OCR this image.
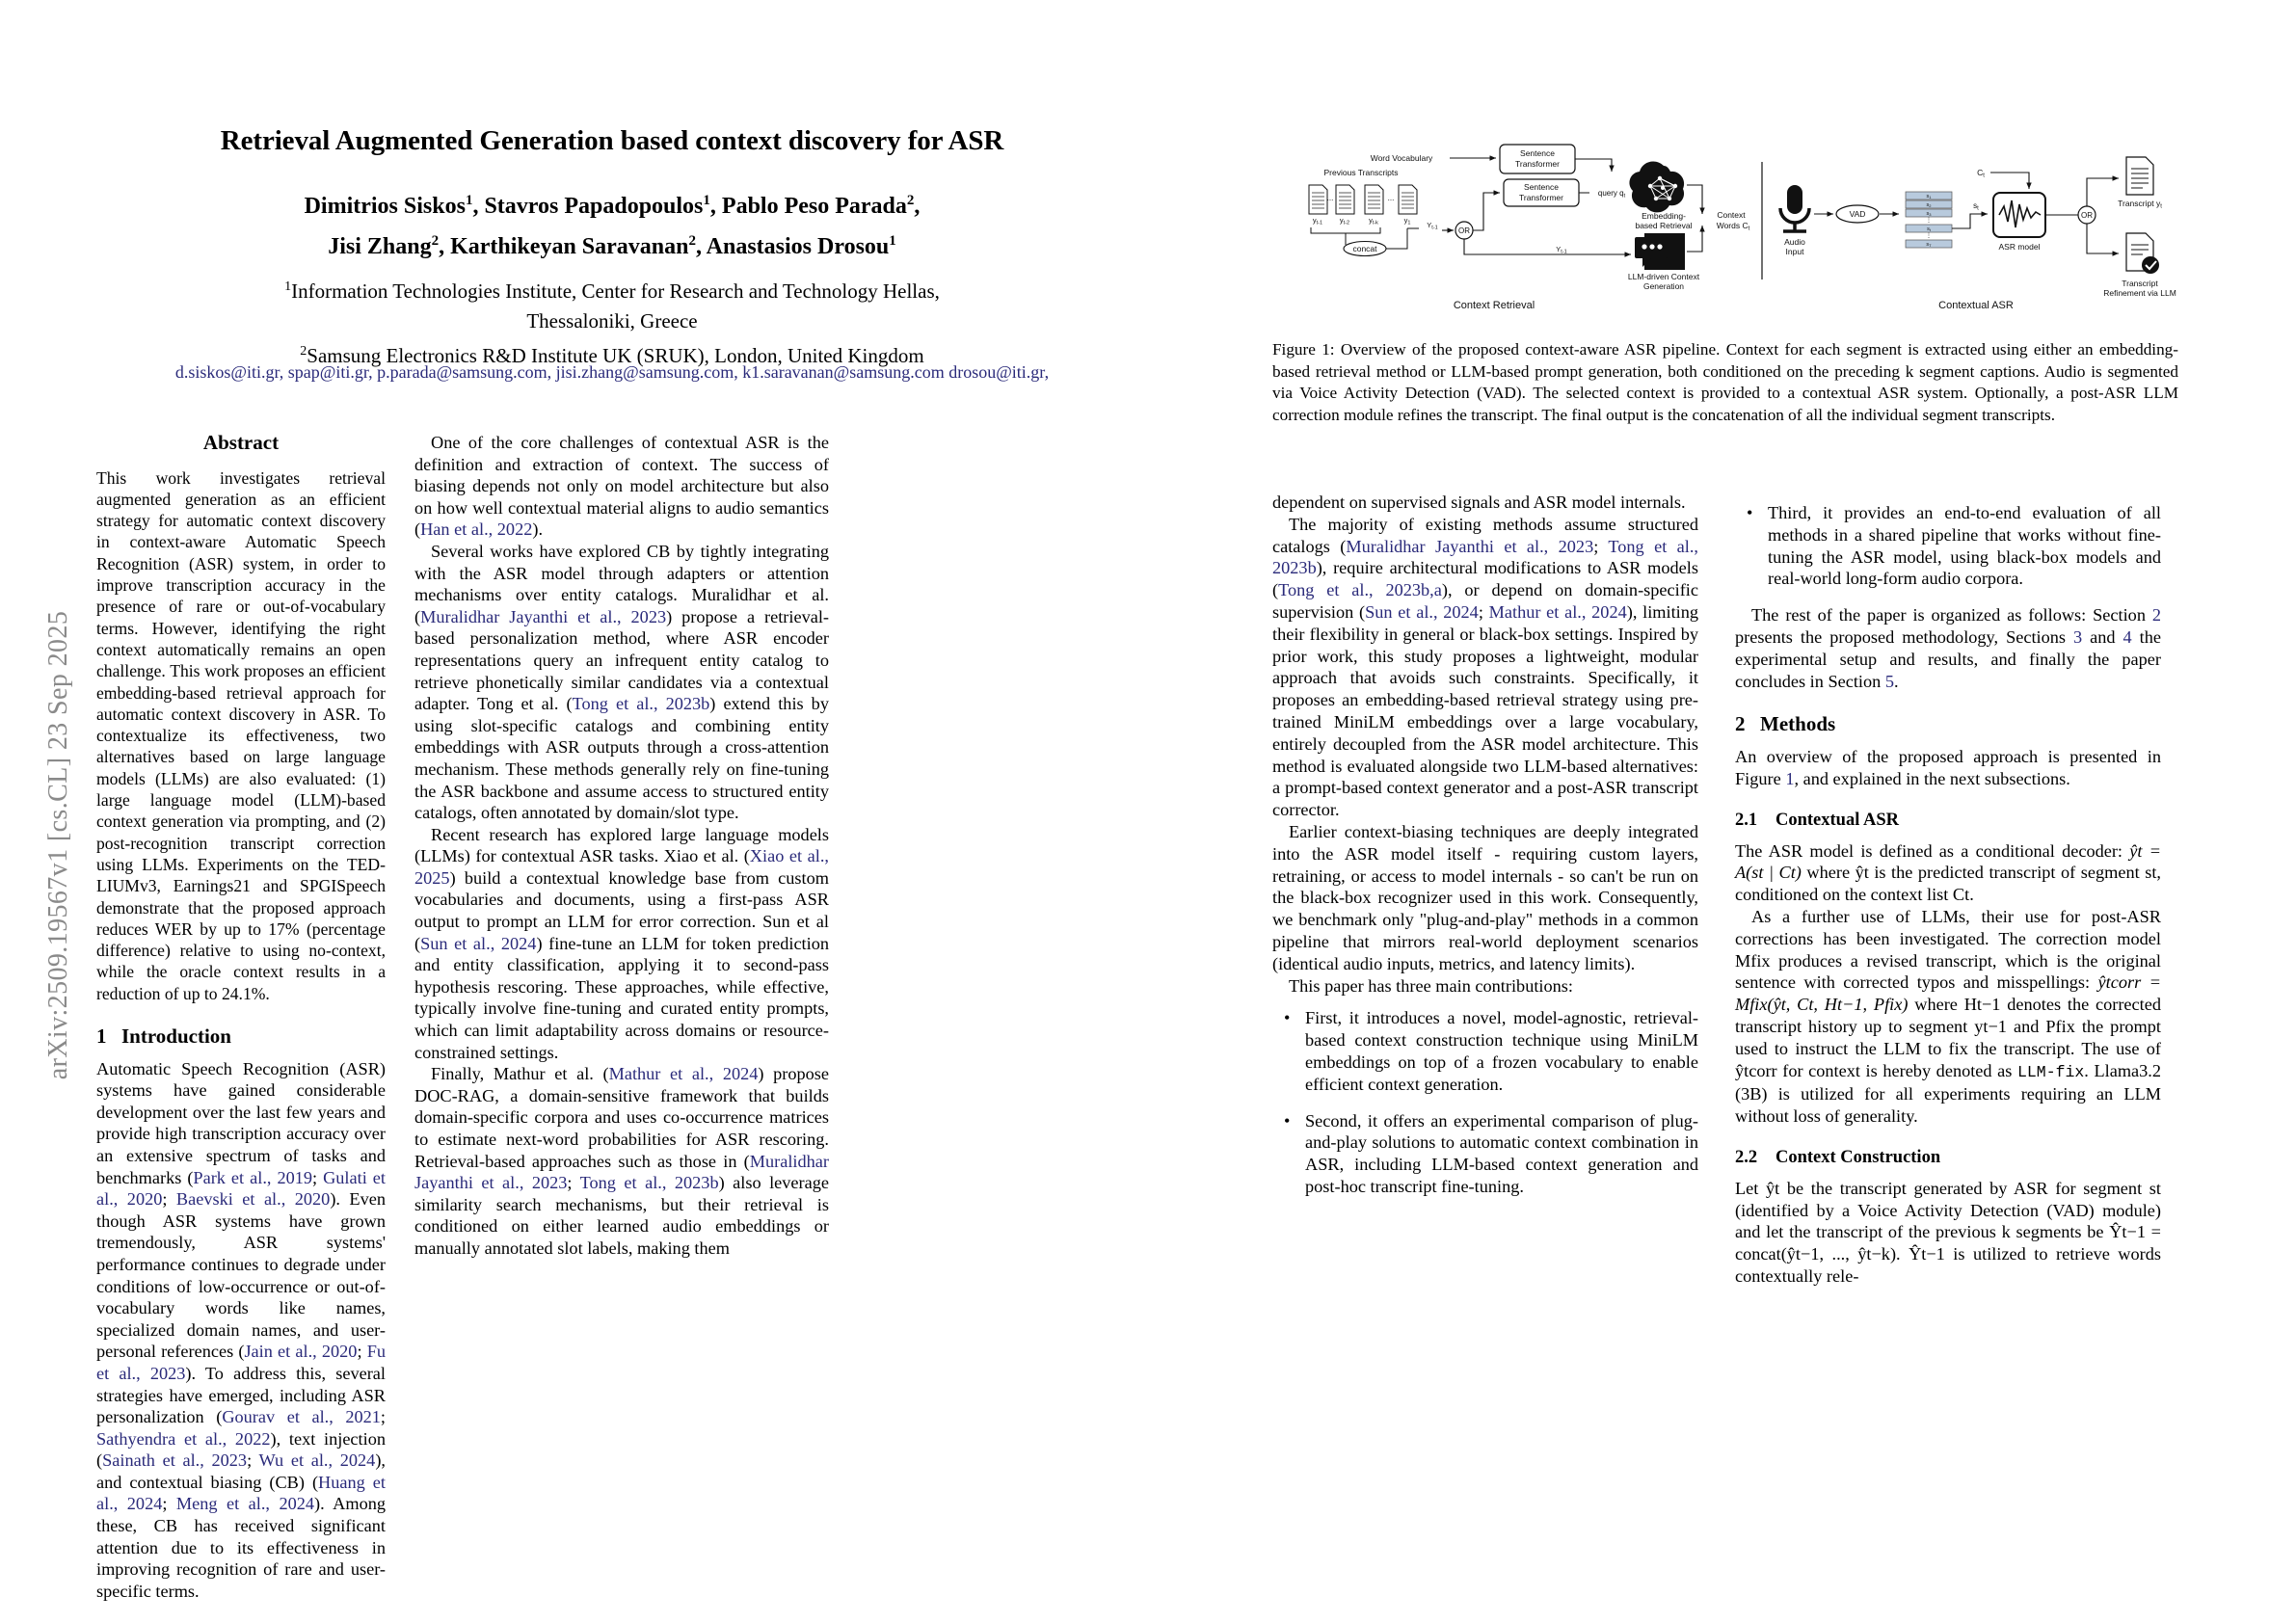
arXiv:2509.19567v1 [cs.CL] 23 Sep 2025
Retrieval Augmented Generation based context discovery for ASR
Dimitrios Siskos$^1$, Stavros Papadopoulos$^1$, Pablo Peso Parada$^2$,
Jisi Zhang$^2$, Karthikeyan Saravanan$^2$, Anastasios Drosou$^1$
$^1$Information Technologies Institute, Center for Research and Technology Hellas,
Thessaloniki, Greece
$^2$Samsung Electronics R&D Institute UK (SRUK), London, United Kingdom
d.siskos@iti.gr, spap@iti.gr, p.parada@samsung.com, jisi.zhang@samsung.com, k1.saravanan@samsung.com drosou@iti.gr,
Abstract

This work investigates retrieval augmented generation as an efficient strategy for automatic context discovery in context-aware Automatic Speech Recognition (ASR) system, in order to improve transcription accuracy in the presence of rare or out-of-vocabulary terms. However, identifying the right context automatically remains an open challenge. This work proposes an efficient embedding-based retrieval approach for automatic context discovery in ASR. To contextualize its effectiveness, two alternatives based on large language models (LLMs) are also evaluated: (1) large language model (LLM)-based context generation via prompting, and (2) post-recognition transcript correction using LLMs. Experiments on the TED-LIUMv3, Earnings21 and SPGISpeech demonstrate that the proposed approach reduces WER by up to 17% (percentage difference) relative to using no-context, while the oracle context results in a reduction of up to 24.1%.

1 Introduction

Automatic Speech Recognition (ASR) systems have gained considerable development over the last few years and provide high transcription accuracy over an extensive spectrum of tasks and benchmarks (Park et al., 2019; Gulati et al., 2020; Baevski et al., 2020). Even though ASR systems have grown tremendously, ASR systems' performance continues to degrade under conditions of low-occurrence or out-of-vocabulary words like names, specialized domain names, and user-personal references (Jain et al., 2020; Fu et al., 2023). To address this, several strategies have emerged, including ASR personalization (Gourav et al., 2021; Sathyendra et al., 2022), text injection (Sainath et al., 2023; Wu et al., 2024), and contextual biasing (CB) (Huang et al., 2024; Meng et al., 2024). Among these, CB has received significant attention due to its effectiveness in improving recognition of rare and user-specific terms.

One of the core challenges of contextual ASR is the definition and extraction of context. The success of biasing depends not only on model architecture but also on how well contextual material aligns to audio semantics (Han et al., 2022).

Several works have explored CB by tightly integrating with the ASR model through adapters or attention mechanisms over entity catalogs. Muralidhar et al. (Muralidhar Jayanthi et al., 2023) propose a retrieval-based personalization method, where ASR encoder representations query an infrequent entity catalog to retrieve phonetically similar candidates via a contextual adapter. Tong et al. (Tong et al., 2023b) extend this by using slot-specific catalogs and combining entity embeddings with ASR outputs through a cross-attention mechanism. These methods generally rely on fine-tuning the ASR backbone and assume access to structured entity catalogs, often annotated by domain/slot type.

Recent research has explored large language models (LLMs) for contextual ASR tasks. Xiao et al. (Xiao et al., 2025) build a contextual knowledge base from custom vocabularies and documents, using a first-pass ASR output to prompt an LLM for error correction. Sun et al (Sun et al., 2024) fine-tune an LLM for token prediction and entity classification, applying it to second-pass hypothesis rescoring. These approaches, while effective, typically involve fine-tuning and curated entity prompts, which can limit adaptability across domains or resource-constrained settings.

Finally, Mathur et al. (Mathur et al., 2024) propose DOC-RAG, a domain-sensitive framework that builds domain-specific corpora and uses co-occurrence matrices to estimate next-word probabilities for ASR rescoring. Retrieval-based approaches such as those in (Muralidhar Jayanthi et al., 2023; Tong et al., 2023b) also leverage similarity search mechanisms, but their retrieval is conditioned on either learned audio embeddings or manually annotated slot labels, making them

Word Vocabulary	Sentence
Transformer
Previous Transcripts
...	...
$y_{t-1}$ $y_{t-2}$	$y_{t-k}$	$y_1$
concat
$Y_{t-1}$	OR
Sentence
Transformer	query qt
Embedding-
based Retrieval
LLM-driven Context
Generation
$Y_{t-1}$
Context
Words Ct
Context Retrieval
Audio
Input
VAD
s1
s2
s3
st
sT
⋮
⋮
st
Ct
ASR model
OR
Transcript yt
Transcript
Refinement via LLM
Contextual ASR
Figure 1: Overview of the proposed context-aware ASR pipeline. Context for each segment is extracted using either an embedding-based retrieval method or LLM-based prompt generation, both conditioned on the preceding k segment captions. Audio is segmented via Voice Activity Detection (VAD). The selected context is provided to a contextual ASR system. Optionally, a post-ASR LLM correction module refines the transcript. The final output is the concatenation of all the individual segment transcripts.

dependent on supervised signals and ASR model internals.

The majority of existing methods assume structured catalogs (Muralidhar Jayanthi et al., 2023; Tong et al., 2023b), require architectural modifications to ASR models (Tong et al., 2023b,a), or depend on domain-specific supervision (Sun et al., 2024; Mathur et al., 2024), limiting their flexibility in general or black-box settings. Inspired by prior work, this study proposes a lightweight, modular approach that avoids such constraints. Specifically, it proposes an embedding-based retrieval strategy using pre-trained MiniLM embeddings over a large vocabulary, entirely decoupled from the ASR model architecture. This method is evaluated alongside two LLM-based alternatives: a prompt-based context generator and a post-ASR transcript corrector.

Earlier context-biasing techniques are deeply integrated into the ASR model itself - requiring custom layers, retraining, or access to model internals - so can't be run on the black-box recognizer used in this work. Consequently, we benchmark only "plug-and-play" methods in a common pipeline that mirrors real-world deployment scenarios (identical audio inputs, metrics, and latency limits).

This paper has three main contributions:

• First, it introduces a novel, model-agnostic, retrieval-based context construction technique using MiniLM embeddings on top of a frozen vocabulary to enable efficient context generation.
• Second, it offers an experimental comparison of plug-and-play solutions to automatic context combination in ASR, including LLM-based context generation and post-hoc transcript fine-tuning.
• Third, it provides an end-to-end evaluation of all methods in a shared pipeline that works without fine-tuning the ASR model, using black-box models and real-world long-form audio corpora.

The rest of the paper is organized as follows: Section 2 presents the proposed methodology, Sections 3 and 4 the experimental setup and results, and finally the paper concludes in Section 5.

2 Methods

An overview of the proposed approach is presented in Figure 1, and explained in the next subsections.

2.1 Contextual ASR

The ASR model is defined as a conditional decoder: ŷt = A(st | Ct) where ŷt is the predicted transcript of segment st, conditioned on the context list Ct.

As a further use of LLMs, their use for post-ASR corrections has been investigated. The correction model Mfix produces a revised transcript, which is the original sentence with corrected typos and misspellings: ŷtcorr = Mfix(ŷt, Ct, Ht−1, Pfix) where Ht−1 denotes the corrected transcript history up to segment yt−1 and Pfix the prompt used to instruct the LLM to fix the transcript. The use of ŷtcorr for context is hereby denoted as LLM-fix. Llama3.2 (3B) is utilized for all experiments requiring an LLM without loss of generality.

2.2 Context Construction

Let ŷt be the transcript generated by ASR for segment st (identified by a Voice Activity Detection (VAD) module) and let the transcript of the previous k segments be Ŷt−1 = concat(ŷt−1, ..., ŷt−k). Ŷt−1 is utilized to retrieve words contextually rele-
